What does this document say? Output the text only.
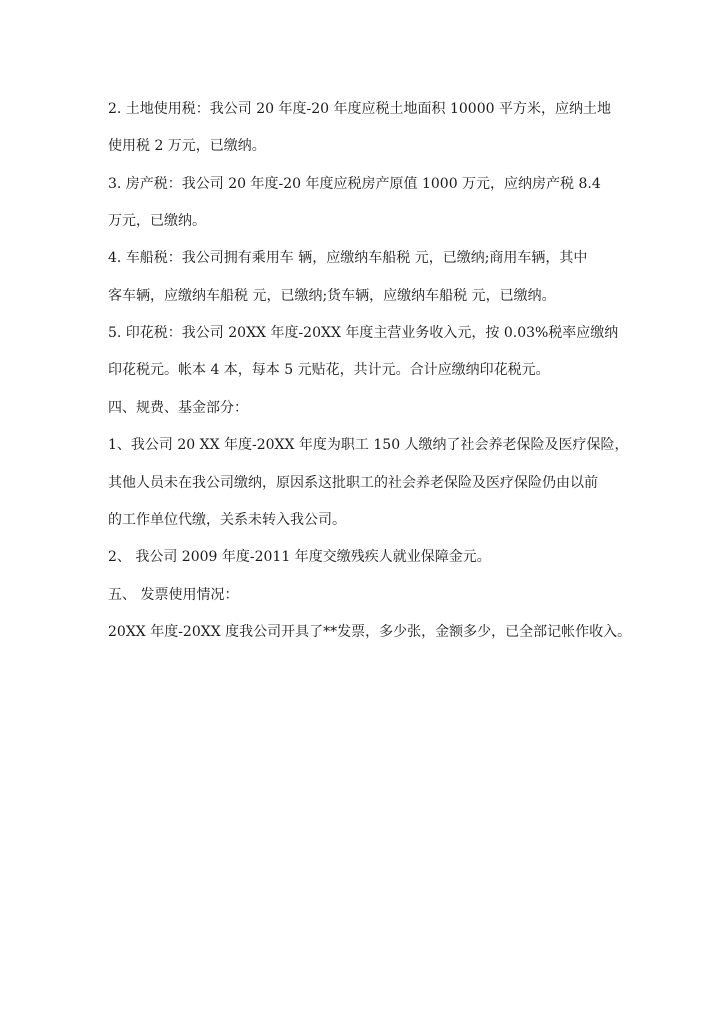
2. 土地使用税：我公司 20 年度-20 年度应税土地面积 10000 平方米，应纳土地
使用税 2 万元，已缴纳。
3. 房产税：我公司 20 年度-20 年度应税房产原值 1000 万元，应纳房产税 8.4
万元，已缴纳。
4. 车船税：我公司拥有乘用车 辆，应缴纳车船税 元，已缴纳;商用车辆，其中
客车辆，应缴纳车船税 元，已缴纳;货车辆，应缴纳车船税 元，已缴纳。
5. 印花税：我公司 20XX 年度-20XX 年度主营业务收入元，按 0.03%税率应缴纳
印花税元。帐本 4 本，每本 5 元贴花，共计元。合计应缴纳印花税元。
四、规费、基金部分：
1、我公司 20 XX 年度-20XX 年度为职工 150 人缴纳了社会养老保险及医疗保险，
其他人员未在我公司缴纳，原因系这批职工的社会养老保险及医疗保险仍由以前
的工作单位代缴，关系未转入我公司。
2、 我公司 2009 年度-2011 年度交缴残疾人就业保障金元。
五、 发票使用情况：
20XX 年度-20XX 度我公司开具了**发票，多少张，金额多少，已全部记帐作收入。
